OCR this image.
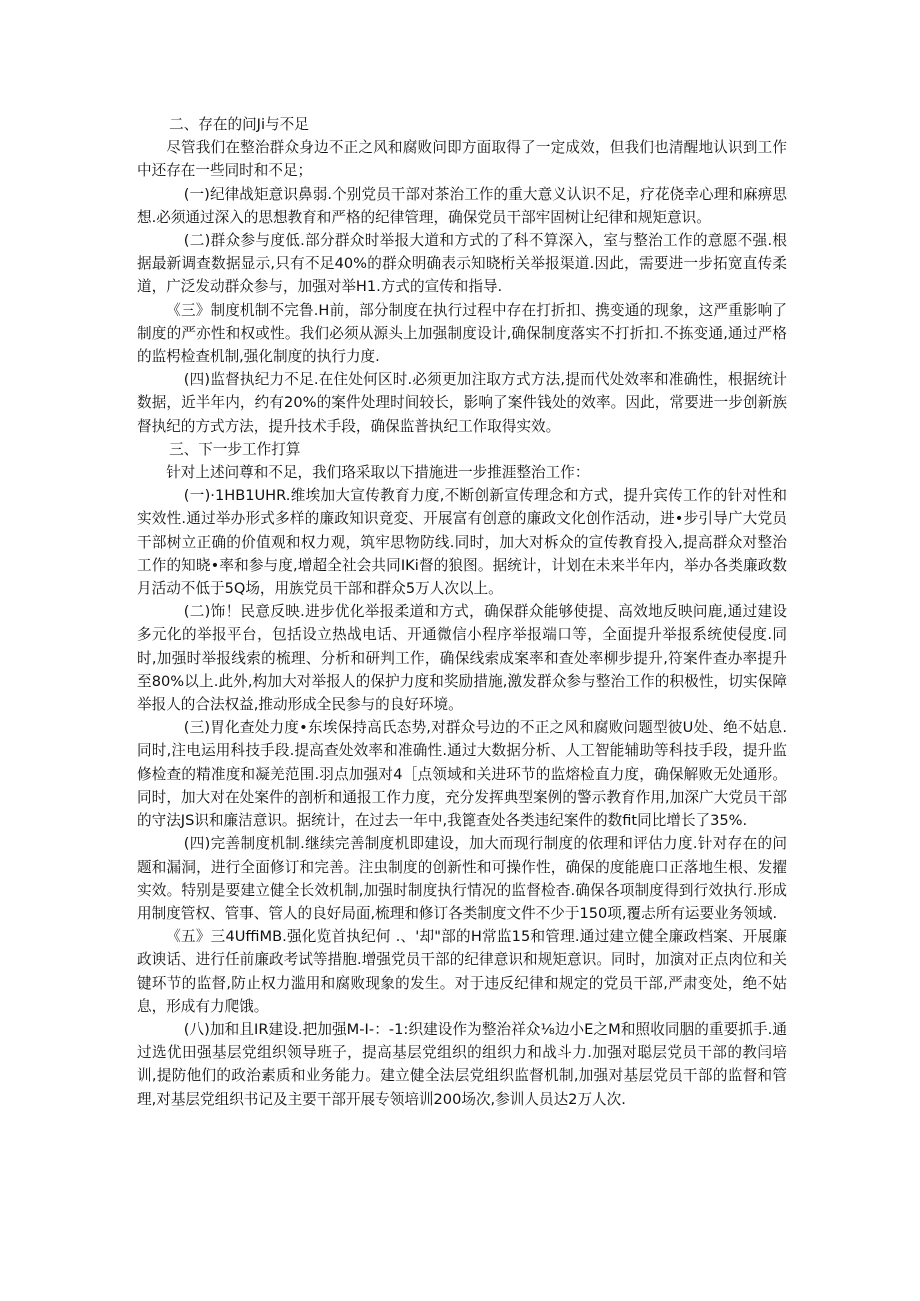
二、存在的问Ji与不足

尽管我们在整治群众身边不正之风和腐败问即方面取得了一定成效，但我们也清醒地认识到工作中还存在一些同时和不足；

(一)纪律战矩意识鼻弱.个别党员干部对茶治工作的重大意义认识不足，疗花侥幸心理和麻痹思想.必须通过深入的思想教育和严格的纪律管理，确保党员干部牢固树让纪律和规矩意识。

(二)群众参与度低.部分群众时举报大道和方式的了科不算深入，室与整治工作的意愿不强.根据最新调查数据显示,只有不足40%的群众明确表示知晓桁关举报渠道.因此，需要进一步拓宽直传柔道，广泛发动群众参与，加强对举H1.方式的宣传和指导.

《三》制度机制不完鲁.H前，部分制度在执行过程中存在打折扣、携变通的现象，这严重影响了制度的严亦性和权或性。我们必须从源头上加强制度设计,确保制度落实不打折扣.不拣变通,通过严格的监枵检查机制,强化制度的执行力度.

(四)监督执纪力不足.在住处何区时.必须更加注取方式方法,提而代处效率和准确性，根据统计数据，近半年内，约有20%的案件处理时间较长，影响了案件钱处的效率。因此，常要进一步创新族督执纪的方式方法，提升技术手段，确保监普执纪工作取得实效。

三、下一步工作打算

针对上述问尊和不足，我们珞采取以下措施进一步推涯整治工作：

(一)·1HB1UHR.维埃加大宣传教育力度,不断创新宣传理念和方式，提升宾传工作的针对性和实效性.通过举办形式多样的廉政知识竟変、开展富有创意的廉政文化创作活动，进•步引导广大党员干部树立正确的价值观和权力观，筑牢思物防线.同时，加大对柝众的宣传教育投入,提高群众对整治工作的知晓•率和参与度,增超全社会共同IKi督的狼图。据统计，计划在未来半年内，举办各类廉政数月活动不低于5Q场，用族党员干部和群众5万人次以上。

(二)饰！民意反映.进步优化举报柔道和方式，确保群众能够使提、高效地反映问鹿,通过建设多元化的举报平台，包括设立热战电话、开通微信小程序举报端口等，全面提升举报系统使侵度.同时,加强时举报线索的梳理、分析和研判工作，确保线索成案率和查处率柳步提升,符案件查办率提升至80%以上.此外,构加大对举报人的保护力度和奖励措施,激发群众参与整治工作的积极性，切实保障举报人的合法权益,推动形成全民参与的良好环境。

(三)胃化查处力度•东埃保持高氏态势,对群众号边的不正之风和腐败问题型彼U处、绝不姑息.同时,注电运用科技手段.提高查处效率和准确性.通过大数据分析、人工智能辅助等科技手段，提升监修检查的精准度和凝羌范围.羽点加强对4［点领域和关进环节的监熔检直力度，确保解败无处通形。同时，加大对在处案件的剖析和通报工作力度，充分发挥典型案例的警示教育作用,加深广大党员干部的守法JS识和廉洁意识。据统计，在过去一年中,我篦查处各类违纪案件的数fit同比增长了35%.

(四)完善制度机制.继续完善制度机即建设，加大而现行制度的依理和评估力度.针对存在的问题和漏洞，进行全面修订和完善。注虫制度的创新性和可操作性，确保的度能鹿口正落地生根、发擢实效。特别是要建立健全长效机制,加强时制度执行情况的监督检杳.确保各项制度得到行效执行.形成用制度管权、管事、管人的良好局面,梳理和修订各类制度文件不少于150项,覆忐所有运要业务领域.

《五》三4UffiMB.强化览首执纪何 .、'却"部的H常监15和管理.通过建立健全廉政档案、开展廉政谀话、进行任前廉政考试等措胞.增强党员干部的纪律意识和规矩意识。同时，加演对正点肉位和关键环节的监督,防止权力滥用和腐败现象的发生。对于违反纪律和规定的党员干部,严肃变处，绝不姑息，形成有力爬饿。

(八)加和且IR建设.把加强M-I-：-1:织建设作为整治祥众⅛边小E之M和照收同胭的重要抓手.通过选优田强基层党组织领导班子，提高基层党组织的组织力和战斗力.加强对聪层党员干部的教闫培训,提防他们的政治素质和业务能力。建立健全法层党组织监督机制,加强对基层党员干部的监督和管理,对基层党组织书记及主要干部开展专领培训200场次,参训人员达2万人次.
